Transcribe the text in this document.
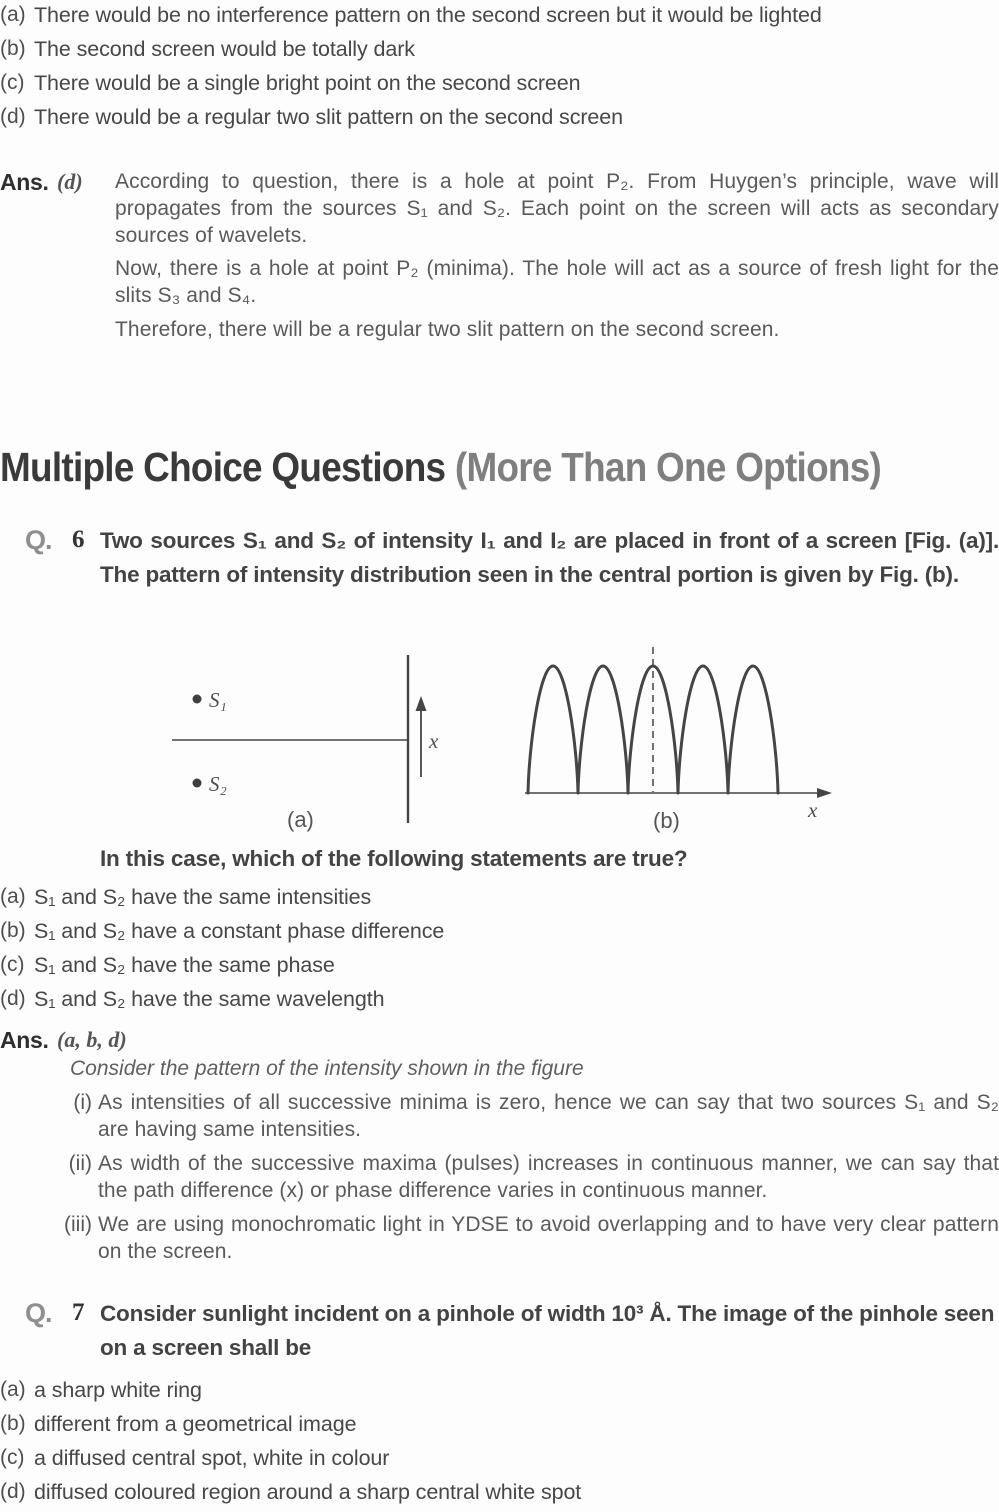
(a) There would be no interference pattern on the second screen but it would be lighted
(b) The second screen would be totally dark
(c) There would be a single bright point on the second screen
(d) There would be a regular two slit pattern on the second screen
Ans. (d)	According to question, there is a hole at point P₂. From Huygen’s principle, wave will propagates from the sources S₁ and S₂. Each point on the screen will acts as secondary sources of wavelets.

Now, there is a hole at point P₂ (minima). The hole will act as a source of fresh light for the slits S₃ and S₄.

Therefore, there will be a regular two slit pattern on the second screen.

Multiple Choice Questions (More Than One Options)
Q. 6 Two sources S₁ and S₂ of intensity I₁ and I₂ are placed in front of a screen [Fig. (a)]. The pattern of intensity distribution seen in the central portion is given by Fig. (b).
S₁
S₂
x
(a)	x
(b)
In this case, which of the following statements are true?
(a) S₁ and S₂ have the same intensities
(b) S₁ and S₂ have a constant phase difference
(c) S₁ and S₂ have the same phase
(d) S₁ and S₂ have the same wavelength
Ans. (a, b, d)
Consider the pattern of the intensity shown in the figure
(i) As intensities of all successive minima is zero, hence we can say that two sources S₁ and S₂ are having same intensities.
(ii) As width of the successive maxima (pulses) increases in continuous manner, we can say that the path difference (x) or phase difference varies in continuous manner.
(iii) We are using monochromatic light in YDSE to avoid overlapping and to have very clear pattern on the screen.
Q. 7 Consider sunlight incident on a pinhole of width 10³ Å. The image of the pinhole seen on a screen shall be
(a) a sharp white ring
(b) different from a geometrical image
(c) a diffused central spot, white in colour
(d) diffused coloured region around a sharp central white spot
